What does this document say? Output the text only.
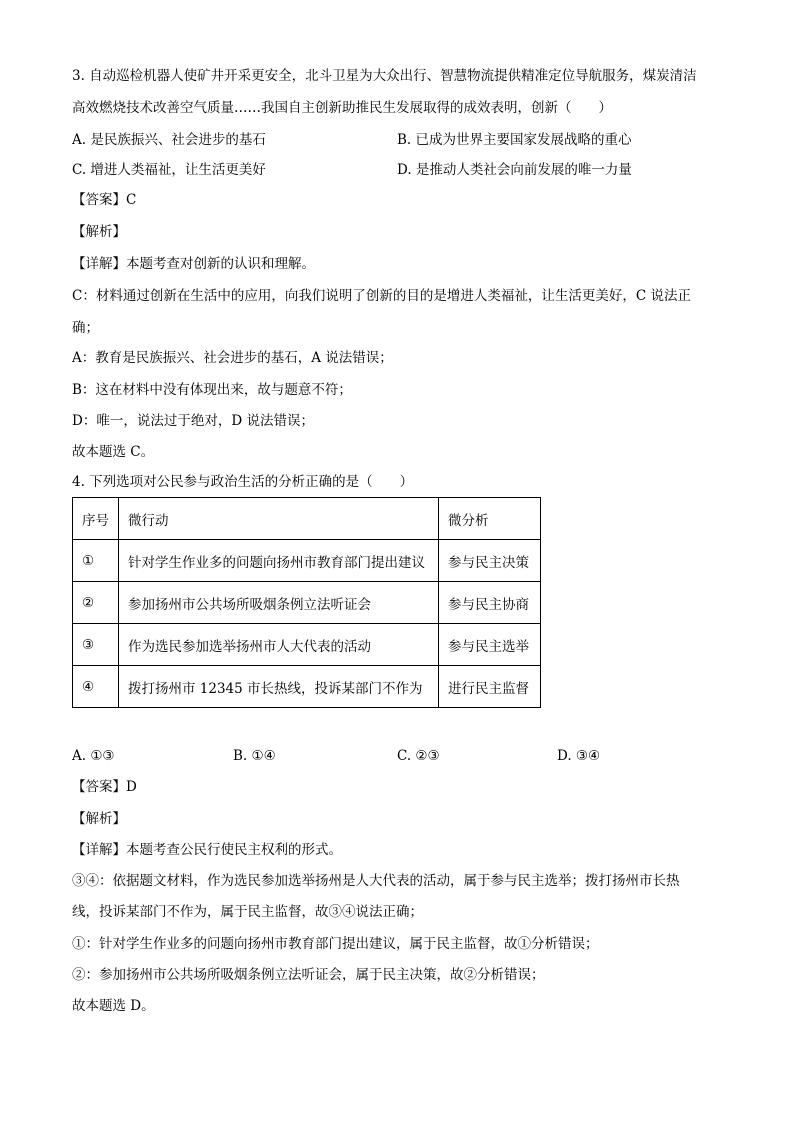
3. 自动巡检机器人使矿井开采更安全，北斗卫星为大众出行、智慧物流提供精准定位导航服务，煤炭清洁
高效燃烧技术改善空气质量……我国自主创新助推民生发展取得的成效表明，创新（　　）
A. 是民族振兴、社会进步的基石	B. 已成为世界主要国家发展战略的重心
C. 增进人类福祉，让生活更美好	D. 是推动人类社会向前发展的唯一力量
【答案】C
【解析】
【详解】本题考查对创新的认识和理解。
C：材料通过创新在生活中的应用，向我们说明了创新的目的是增进人类福祉，让生活更美好，C 说法正
确；
A：教育是民族振兴、社会进步的基石，A 说法错误；
B：这在材料中没有体现出来，故与题意不符；
D：唯一，说法过于绝对，D 说法错误；
故本题选 C。
4. 下列选项对公民参与政治生活的分析正确的是（　　）
序号	微行动	微分析
①	针对学生作业多的问题向扬州市教育部门提出建议	参与民主决策
②	参加扬州市公共场所吸烟条例立法听证会	参与民主协商
③	作为选民参加选举扬州市人大代表的活动	参与民主选举
④	拨打扬州市 12345 市长热线，投诉某部门不作为	进行民主监督
A. ①③	B. ①④	C. ②③	D. ③④
【答案】D
【解析】
【详解】本题考查公民行使民主权利的形式。
③④：依据题文材料，作为选民参加选举扬州是人大代表的活动，属于参与民主选举；拨打扬州市长热
线，投诉某部门不作为，属于民主监督，故③④说法正确；
①：针对学生作业多的问题向扬州市教育部门提出建议，属于民主监督，故①分析错误；
②：参加扬州市公共场所吸烟条例立法听证会，属于民主决策，故②分析错误；
故本题选 D。
